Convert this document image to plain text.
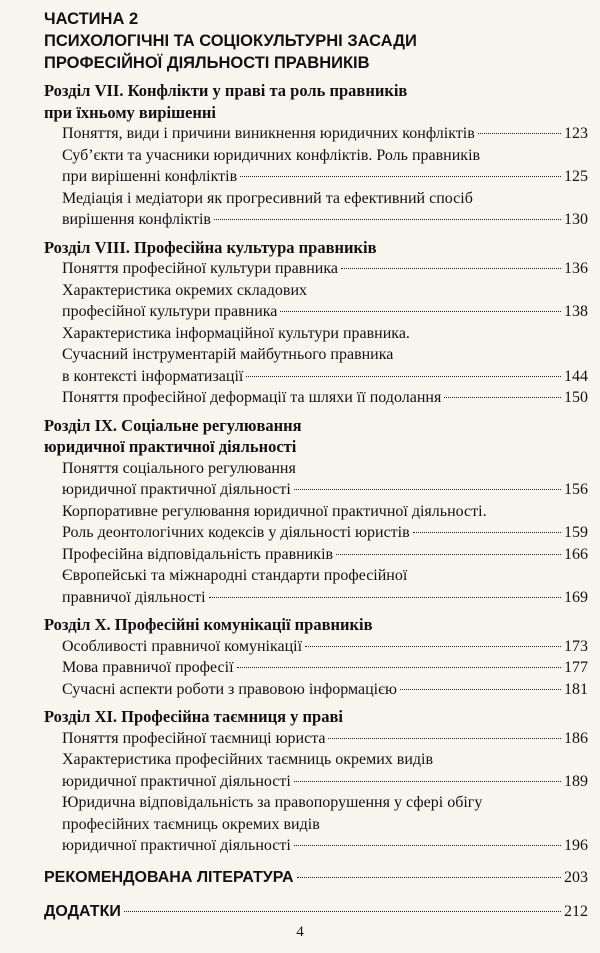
ЧАСТИНА 2
ПСИХОЛОГІЧНІ ТА СОЦІОКУЛЬТУРНІ ЗАСАДИ
ПРОФЕСІЙНОЇ ДІЯЛЬНОСТІ ПРАВНИКІВ
Розділ VII. Конфлікти у праві та роль правників
при їхньому вирішенні
Поняття, види і причини виникнення юридичних конфліктів	123
Суб’єкти та учасники юридичних конфліктів. Роль правників
при вирішенні конфліктів	125
Медіація і медіатори як прогресивний та ефективний спосіб
вирішення конфліктів	130
Розділ VIII. Професійна культура правників
Поняття професійної культури правника	136
Характеристика окремих складових
професійної культури правника	138
Характеристика інформаційної культури правника.
Сучасний інструментарій майбутнього правника
в контексті інформатизації	144
Поняття професійної деформації та шляхи її подолання	150
Розділ IX. Соціальне регулювання
юридичної практичної діяльності
Поняття соціального регулювання
юридичної практичної діяльності	156
Корпоративне регулювання юридичної практичної діяльності.
Роль деонтологічних кодексів у діяльності юристів	159
Професійна відповідальність правників	166
Європейські та міжнародні стандарти професійної
правничої діяльності	169
Розділ X. Професійні комунікації правників
Особливості правничої комунікації	173
Мова правничої професії	177
Сучасні аспекти роботи з правовою інформацією	181
Розділ XI. Професійна таємниця у праві
Поняття професійної таємниці юриста	186
Характеристика професійних таємниць окремих видів
юридичної практичної діяльності	189
Юридична відповідальність за правопорушення у сфері обігу
професійних таємниць окремих видів
юридичної практичної діяльності	196
РЕКОМЕНДОВАНА ЛІТЕРАТУРА	203
ДОДАТКИ	212
4
